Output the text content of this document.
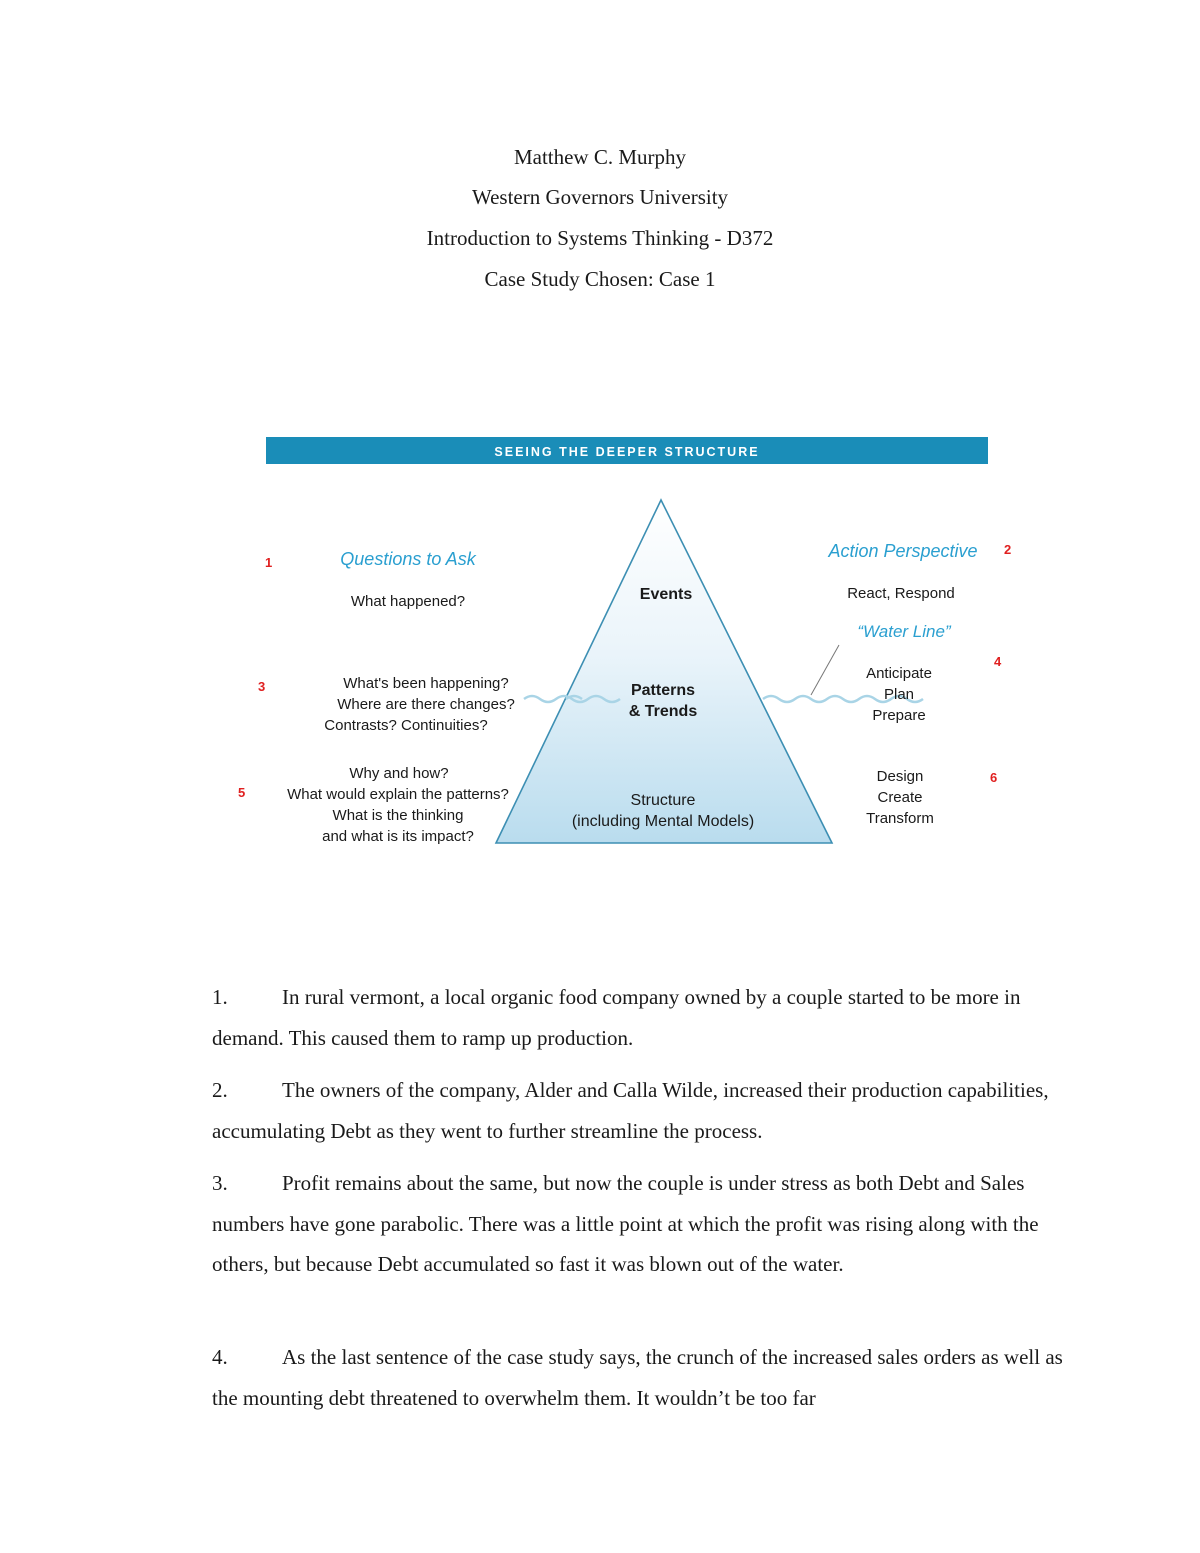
Matthew C. Murphy
Western Governors University
Introduction to Systems Thinking - D372
Case Study Chosen: Case 1
SEEING THE DEEPER STRUCTURE
Questions to Ask	Action Perspective
“Water Line”
1
2
3
4
5
6
Events
Patterns
& Trends
Structure
(including Mental Models)
What happened?
What's been happening?
Where are there changes?
Contrasts? Continuities?
Why and how?
What would explain the patterns?
What is the thinking
and what is its impact?
React, Respond
Anticipate
Plan
Prepare
Design
Create
Transform

1.	In rural vermont, a local organic food company owned by a couple started to be more in demand. This caused them to ramp up production.

2.	The owners of the company, Alder and Calla Wilde, increased their production capabilities, accumulating Debt as they went to further streamline the process.

3.	Profit remains about the same, but now the couple is under stress as both Debt and Sales numbers have gone parabolic. There was a little point at which the profit was rising along with the others, but because Debt accumulated so fast it was blown out of the water.

4.	As the last sentence of the case study says, the crunch of the increased sales orders as well as the mounting debt threatened to overwhelm them. It wouldn’t be too far
